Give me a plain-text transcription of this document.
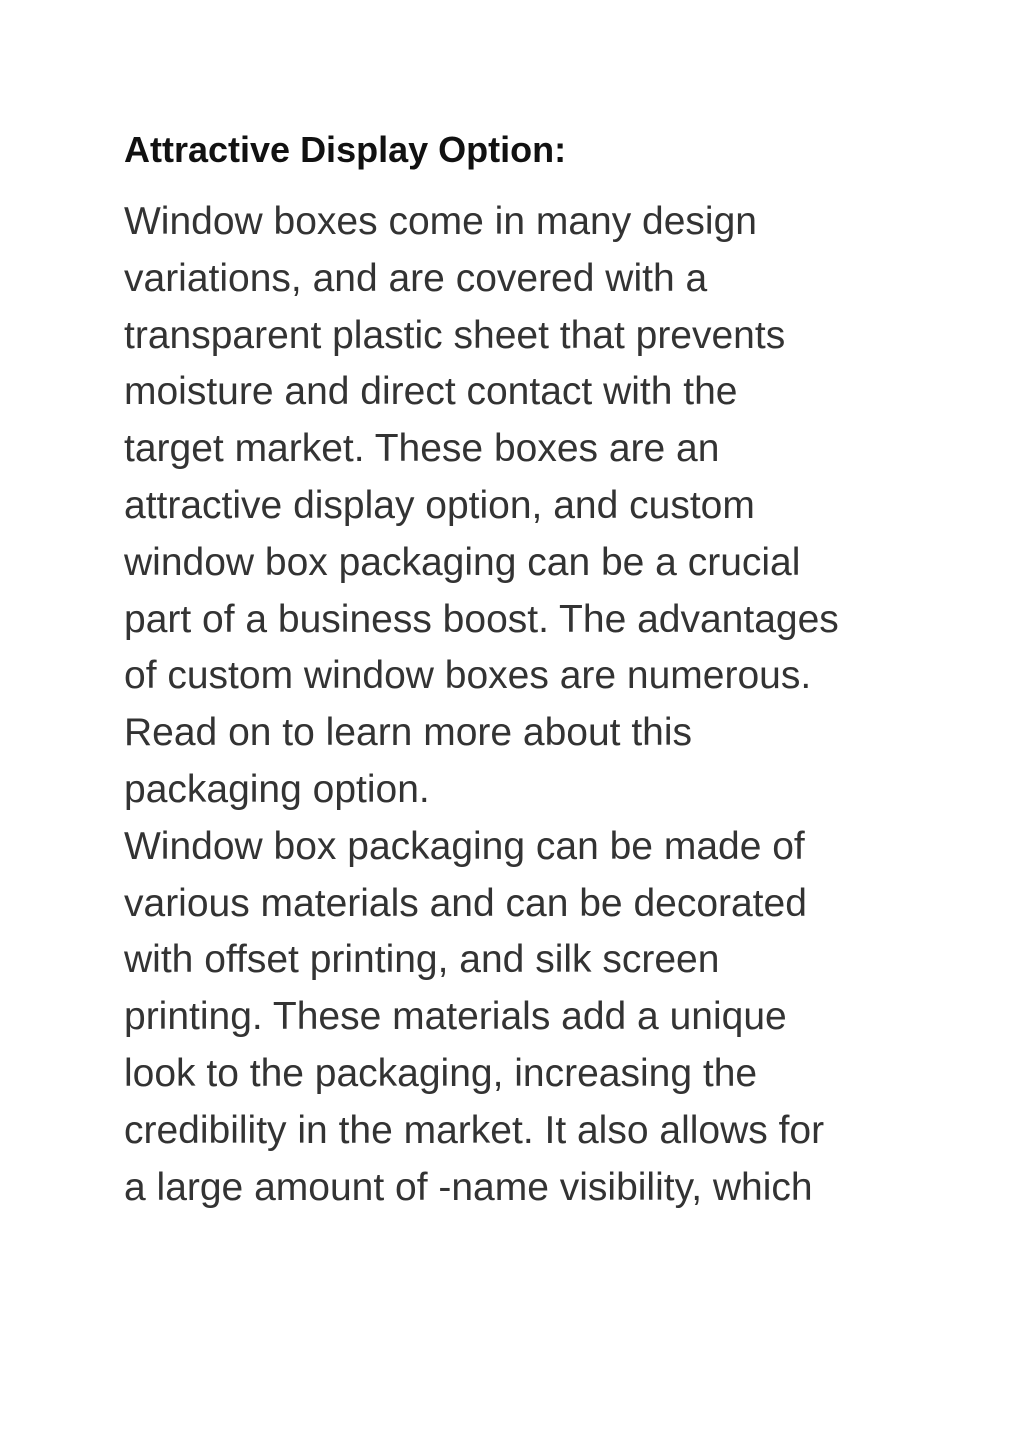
Attractive Display Option:
Window boxes come in many design
variations, and are covered with a
transparent plastic sheet that prevents
moisture and direct contact with the
target market. These boxes are an
attractive display option, and custom
window box packaging can be a crucial
part of a business boost. The advantages
of custom window boxes are numerous.
Read on to learn more about this
packaging option.
Window box packaging can be made of
various materials and can be decorated
with offset printing, and silk screen
printing. These materials add a unique
look to the packaging, increasing the
credibility in the market. It also allows for
a large amount of -name visibility, which
